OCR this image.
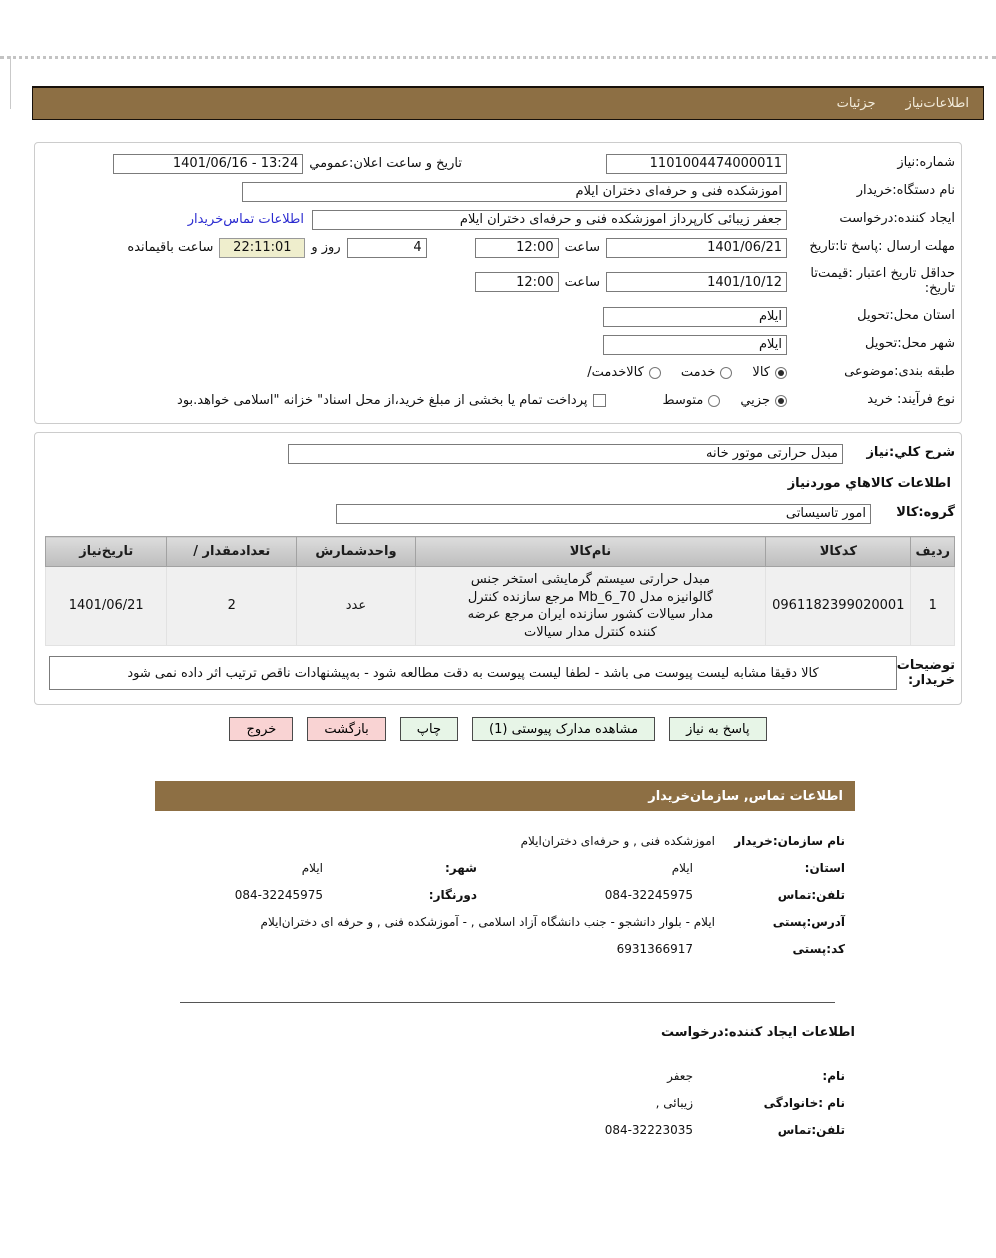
اطلاعات‌نیاز
جزئیات
شماره:نیاز
1101004474000011
تاریخ و ساعت اعلان:عمومي
1401/06/16 - 13:24
نام دستگاه:خریدار
اموزشکده فنی و حرفه‌ای دختران ایلام
ایجاد کننده:درخواست
جعفر زیبائی کارپرداز اموزشکده فنی و حرفه‌ای دختران ایلام
اطلاعات تماس‌خریدار
مهلت ارسال :پاسخ تا:تاریخ
1401/06/21
ساعت
12:00
4
روز و
22:11:01
ساعت باقیمانده
حداقل تاریخ اعتبار :قیمت‌تا
تاریخ:
1401/10/12
ساعت
12:00
استان محل:تحویل
ایلام
شهر محل:تحویل
ایلام
طبقه بندی:موضوعی
کالا
خدمت
کالاخدمت/
نوع فرآیند: خرید
جزیي
متوسط
پرداخت تمام یا بخشی از مبلغ خرید،از محل اسناد" خزانه "اسلامی خواهد.بود
شرح کلي:نیاز
مبدل حرارتی موتور خانه
اطلاعات کالاهاي موردنیاز
گروه:کالا
امور تاسیساتی
ردیف	کدکالا	نام‌کالا	واحدشمارش	تعدادمقدار /	تاریخ‌نیاز
1	0961182399020001	مبدل حرارتی سیستم گرمایشی استخر جنس گالوانیزه مدل Mb_6_70 مرجع سازنده کنترل مدار سیالات کشور سازنده ایران مرجع عرضه کننده کنترل مدار سیالات	عدد	2	1401/06/21
توضیحات
خریدار:
کالا دقیقا مشابه لیست پیوست می باشد - لطفا لیست پیوست به دقت مطالعه شود - به‌پیشنهادات ناقص ترتیب اثر داده نمی شود
پاسخ به نیاز
مشاهده مدارک پیوستی (1)
چاپ
بازگشت
خروج
اطلاعات تماس, سازمان‌خریدار
نام سازمان:خریدار
اموزشکده فنی , و حرفه‌ای دختران‌ایلام
استان:
ایلام
شهر:
ایلام
تلفن:تماس
084-32245975
دورنگار:
084-32245975
آدرس:پستی
ایلام - بلوار دانشجو - جنب دانشگاه آزاد اسلامی , - آموزشکده فنی , و حرفه ای دختران‌ایلام
کد:پستی
6931366917
اطلاعات ایجاد کننده:درخواست
نام:
جعفر
نام :خانوادگی
زیبائی ,
تلفن:تماس
084-32223035
